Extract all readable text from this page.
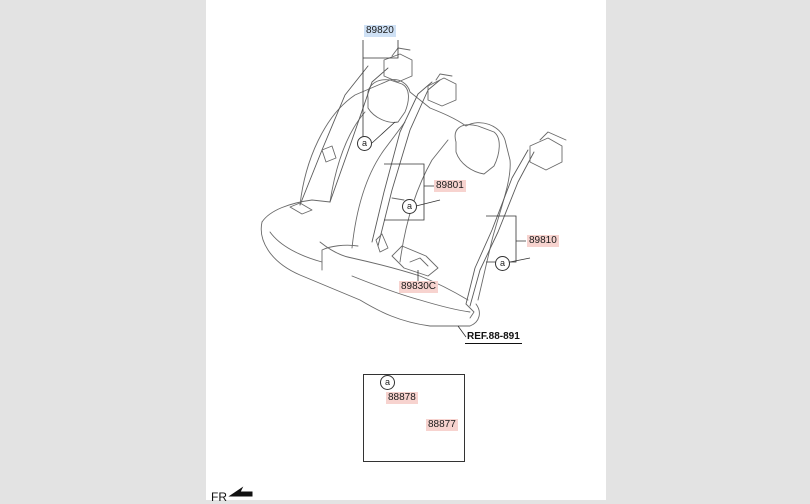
89820
89801
89810
89830C
REF.88-891
a
a
a
a
88878
88877
FR
